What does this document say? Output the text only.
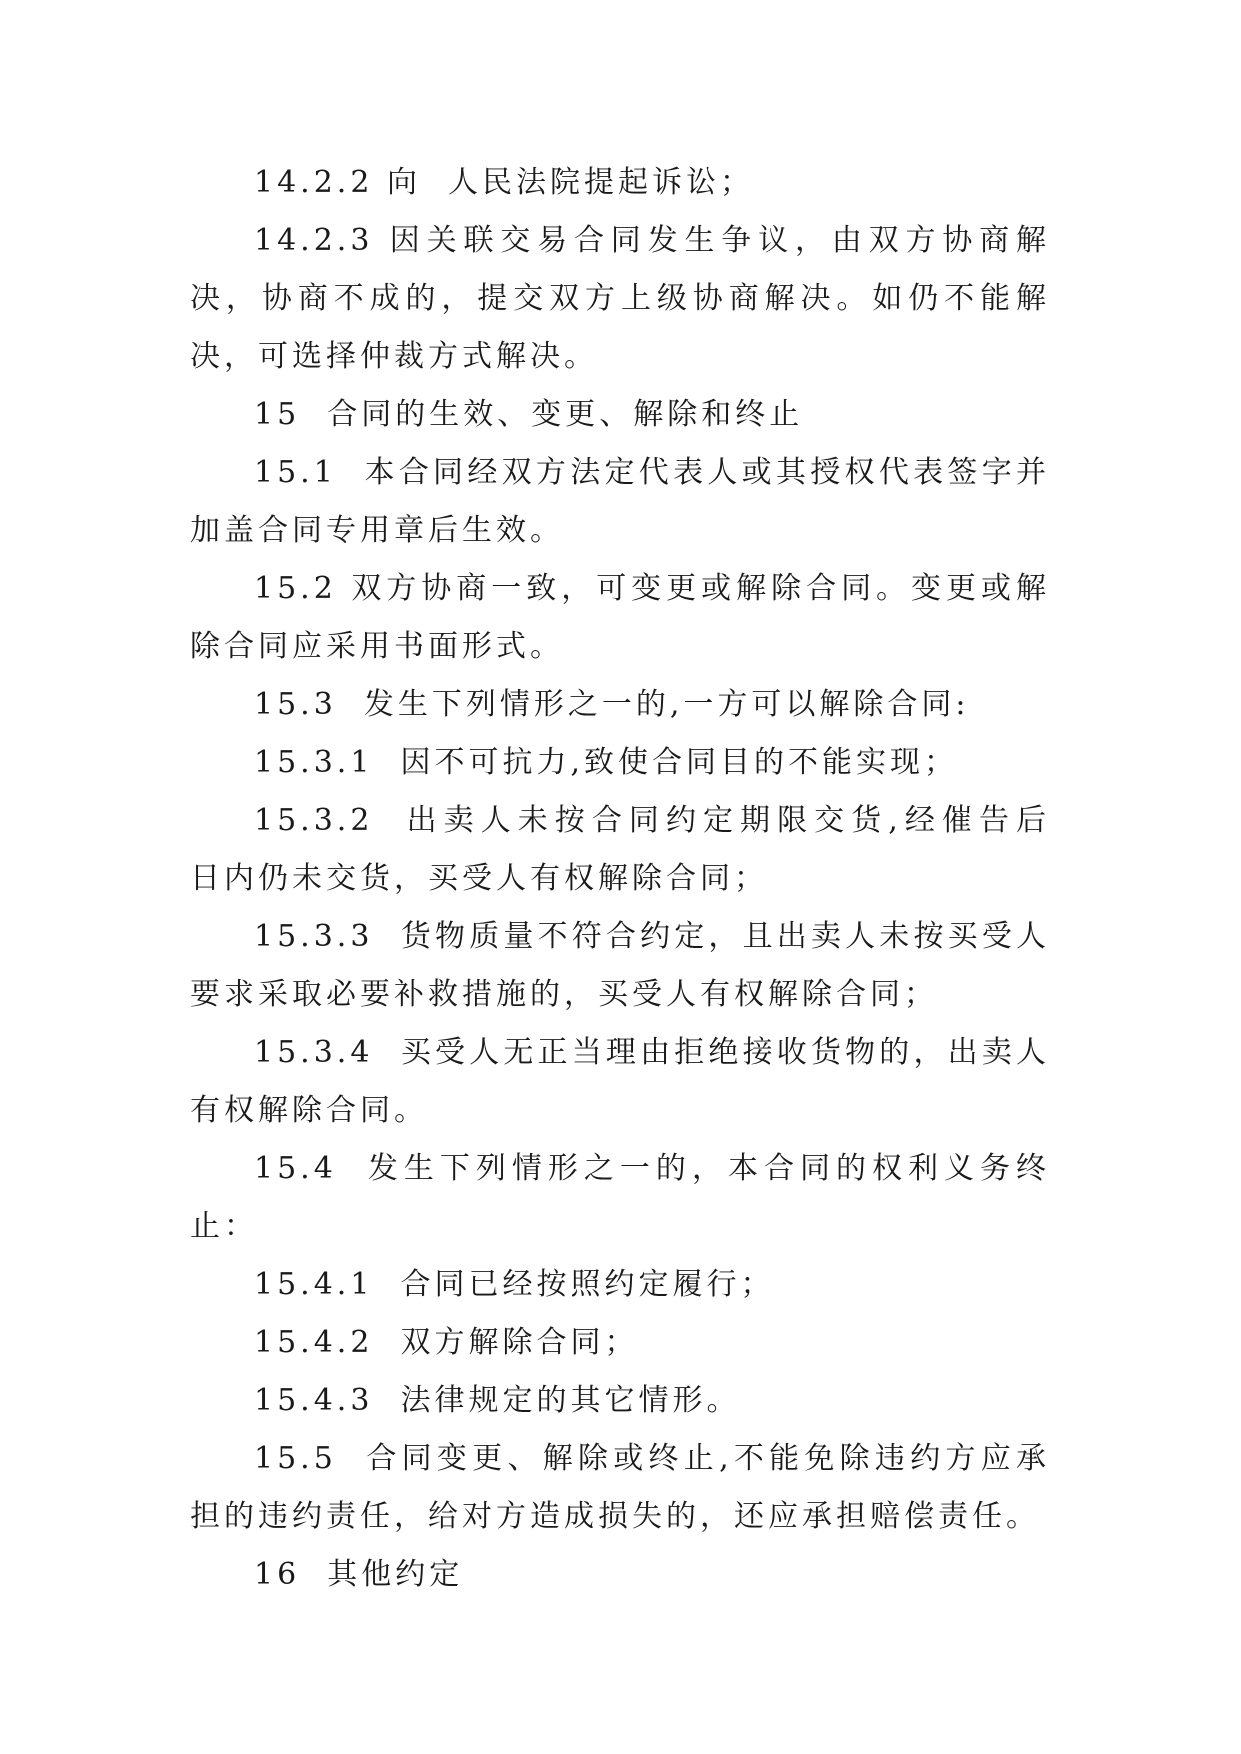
14.2.2 向  人民法院提起诉讼；

14.2.3 因关联交易合同发生争议，由双方协商解决，协商不成的，提交双方上级协商解决。如仍不能解决，可选择仲裁方式解决。

15  合同的生效、变更、解除和终止

15.1  本合同经双方法定代表人或其授权代表签字并加盖合同专用章后生效。

15.2 双方协商一致，可变更或解除合同。变更或解除合同应采用书面形式。

15.3  发生下列情形之一的,一方可以解除合同:

15.3.1  因不可抗力,致使合同目的不能实现；

15.3.2  出卖人未按合同约定期限交货,经催告后  日内仍未交货，买受人有权解除合同；

15.3.3  货物质量不符合约定，且出卖人未按买受人要求采取必要补救措施的，买受人有权解除合同；

15.3.4  买受人无正当理由拒绝接收货物的，出卖人有权解除合同。

15.4  发生下列情形之一的，本合同的权利义务终止：

15.4.1  合同已经按照约定履行；

15.4.2  双方解除合同；

15.4.3  法律规定的其它情形。

15.5  合同变更、解除或终止,不能免除违约方应承担的违约责任，给对方造成损失的，还应承担赔偿责任。

16  其他约定
